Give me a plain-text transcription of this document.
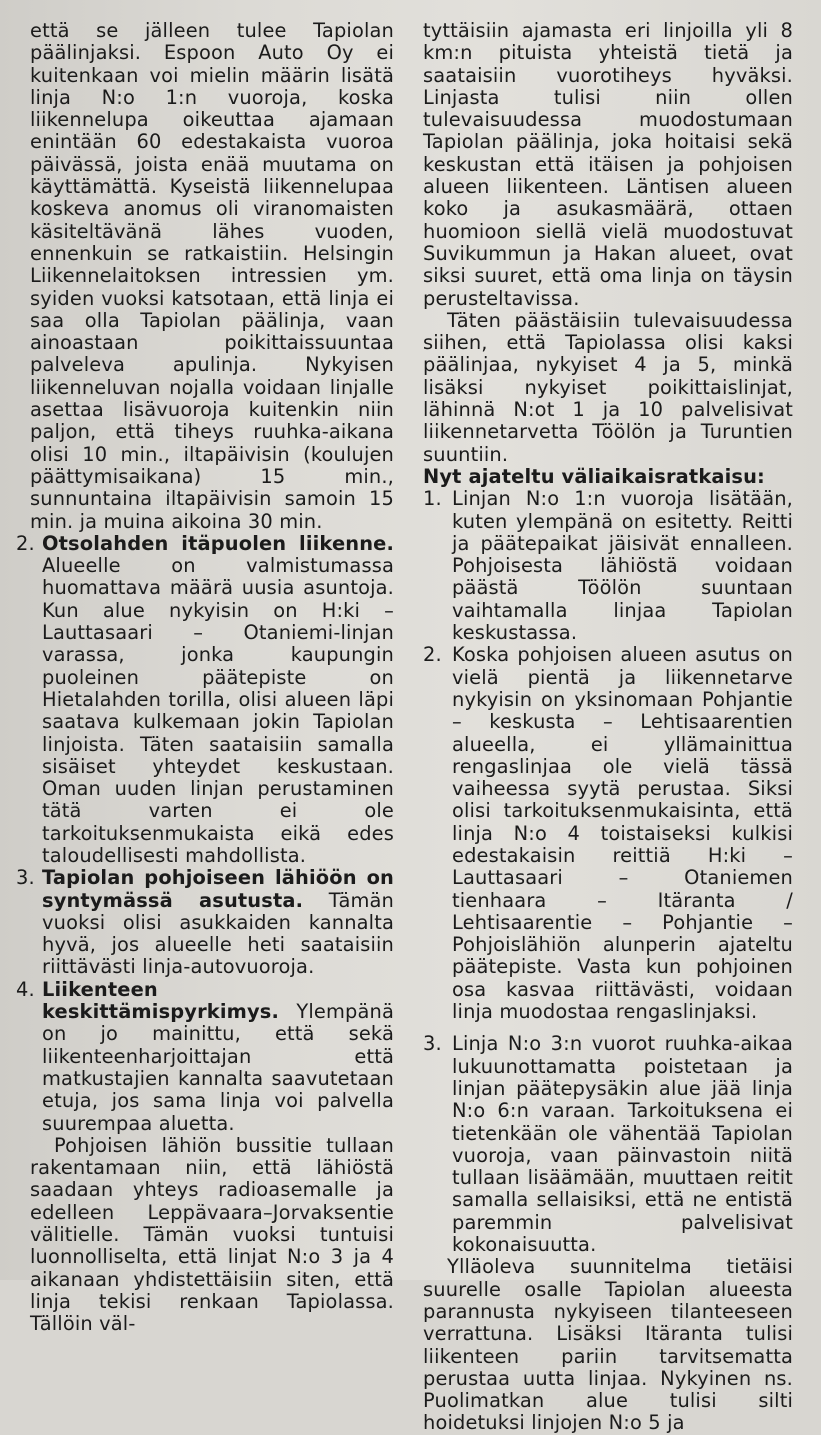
että se jälleen tulee Tapiolan päälinjaksi. Espoon Auto Oy ei kuitenkaan voi mielin määrin lisätä linja N:o 1:n vuoroja, koska liikennelupa oikeuttaa ajamaan enintään 60 edestakaista vuoroa päivässä, joista enää muutama on käyttämättä. Kyseistä liikennelupaa koskeva anomus oli viranomaisten käsiteltävänä lähes vuoden, ennenkuin se ratkaistiin. Helsingin Liikennelaitoksen intressien ym. syiden vuoksi katsotaan, että linja ei saa olla Tapiolan päälinja, vaan ainoastaan poikittaissuuntaa palveleva apulinja. Nykyisen liikenneluvan nojalla voidaan linjalle asettaa lisävuoroja kuitenkin niin paljon, että tiheys ruuhka-aikana olisi 10 min., iltapäivisin (koulujen päättymisaikana) 15 min., sunnuntaina iltapäivisin samoin 15 min. ja muina aikoina 30 min.

2. Otsolahden itäpuolen liikenne. Alueelle on valmistumassa huomattava määrä uusia asuntoja. Kun alue nykyisin on H:ki – Lauttasaari – Otaniemi-linjan varassa, jonka kaupungin puoleinen päätepiste on Hietalahden torilla, olisi alueen läpi saatava kulkemaan jokin Tapiolan linjoista. Täten saataisiin samalla sisäiset yhteydet keskustaan. Oman uuden linjan perustaminen tätä varten ei ole tarkoituksenmukaista eikä edes taloudellisesti mahdollista.

3. Tapiolan pohjoiseen lähiöön on syntymässä asutusta. Tämän vuoksi olisi asukkaiden kannalta hyvä, jos alueelle heti saataisiin riittävästi linja-autovuoroja.

4. Liikenteen keskittämispyrkimys. Ylempänä on jo mainittu, että sekä liikenteenharjoittajan että matkustajien kannalta saavutetaan etuja, jos sama linja voi palvella suurempaa aluetta.

Pohjoisen lähiön bussitie tullaan rakentamaan niin, että lähiöstä saadaan yhteys radioasemalle ja edelleen Leppävaara–Jorvaksentie välitielle. Tämän vuoksi tuntuisi luonnolliselta, että linjat N:o 3 ja 4 aikanaan yhdistettäisiin siten, että linja tekisi renkaan Tapiolassa. Tällöin väl-

tyttäisiin ajamasta eri linjoilla yli 8 km:n pituista yhteistä tietä ja saataisiin vuorotiheys hyväksi. Linjasta tulisi niin ollen tulevaisuudessa muodostumaan Tapiolan päälinja, joka hoitaisi sekä keskustan että itäisen ja pohjoisen alueen liikenteen. Läntisen alueen koko ja asukasmäärä, ottaen huomioon siellä vielä muodostuvat Suvikummun ja Hakan alueet, ovat siksi suuret, että oma linja on täysin perusteltavissa.

Täten päästäisiin tulevaisuudessa siihen, että Tapiolassa olisi kaksi päälinjaa, nykyiset 4 ja 5, minkä lisäksi nykyiset poikittaislinjat, lähinnä N:ot 1 ja 10 palvelisivat liikennetarvetta Töölön ja Turuntien suuntiin.

Nyt ajateltu väliaikaisratkaisu:

1. Linjan N:o 1:n vuoroja lisätään, kuten ylempänä on esitetty. Reitti ja päätepaikat jäisivät ennalleen. Pohjoisesta lähiöstä voidaan päästä Töölön suuntaan vaihtamalla linjaa Tapiolan keskustassa.

2. Koska pohjoisen alueen asutus on vielä pientä ja liikennetarve nykyisin on yksinomaan Pohjantie – keskusta – Lehtisaarentien alueella, ei yllämainittua rengaslinjaa ole vielä tässä vaiheessa syytä perustaa. Siksi olisi tarkoituksenmukaisinta, että linja N:o 4 toistaiseksi kulkisi edestakaisin reittiä H:ki – Lauttasaari – Otaniemen tienhaara – Itäranta / Lehtisaarentie – Pohjantie – Pohjoislähiön alunperin ajateltu päätepiste. Vasta kun pohjoinen osa kasvaa riittävästi, voidaan linja muodostaa rengaslinjaksi.

3. Linja N:o 3:n vuorot ruuhka-aikaa lukuunottamatta poistetaan ja linjan päätepysäkin alue jää linja N:o 6:n varaan. Tarkoituksena ei tietenkään ole vähentää Tapiolan vuoroja, vaan päinvastoin niitä tullaan lisäämään, muuttaen reitit samalla sellaisiksi, että ne entistä paremmin palvelisivat kokonaisuutta.

Ylläoleva suunnitelma tietäisi suurelle osalle Tapiolan alueesta parannusta nykyiseen tilanteeseen verrattuna. Lisäksi Itäranta tulisi liikenteen pariin tarvitsematta perustaa uutta linjaa. Nykyinen ns. Puolimatkan alue tulisi silti hoidetuksi linjojen N:o 5 ja
